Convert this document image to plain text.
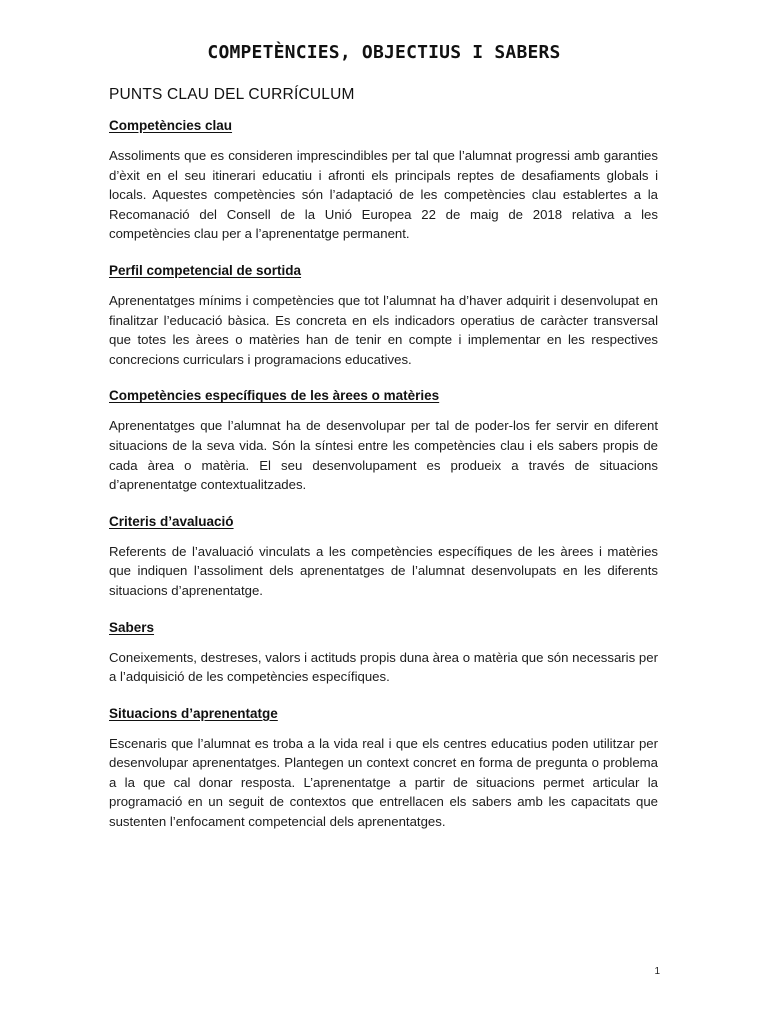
COMPETÈNCIES, OBJECTIUS I SABERS
PUNTS CLAU DEL CURRÍCULUM
Competències clau

Assoliments que es consideren imprescindibles per tal que l’alumnat progressi amb garanties d’èxit en el seu itinerari educatiu i afronti els principals reptes de desafiaments globals i locals. Aquestes competències són l’adaptació de les competències clau establertes a la Recomanació del Consell de la Unió Europea 22 de maig de 2018 relativa a les competències clau per a l’aprenentatge permanent.

Perfil competencial de sortida

Aprenentatges mínims i competències que tot l’alumnat ha d’haver adquirit i desenvolupat en finalitzar l’educació bàsica. Es concreta en els indicadors operatius de caràcter transversal que totes les àrees o matèries han de tenir en compte i implementar en les respectives concrecions curriculars i programacions educatives.

Competències específiques de les àrees o matèries

Aprenentatges que l’alumnat ha de desenvolupar per tal de poder-los fer servir en diferent situacions de la seva vida. Són la síntesi entre les competències clau i els sabers propis de cada àrea o matèria. El seu desenvolupament es produeix a través de situacions d’aprenentatge contextualitzades.

Criteris d’avaluació

Referents de l’avaluació vinculats a les competències específiques de les àrees i matèries que indiquen l’assoliment dels aprenentatges de l’alumnat desenvolupats en les diferents situacions d’aprenentatge.

Sabers

Coneixements, destreses, valors i actituds propis duna àrea o matèria que són necessaris per a l’adquisició de les competències específiques.

Situacions d’aprenentatge

Escenaris que l’alumnat es troba a la vida real i que els centres educatius poden utilitzar per desenvolupar aprenentatges. Plantegen un context concret en forma de pregunta o problema a la que cal donar resposta. L’aprenentatge a partir de situacions permet articular la programació en un seguit de contextos que entrellacen els sabers amb les capacitats que sustenten l’enfocament competencial dels aprenentatges.

1
